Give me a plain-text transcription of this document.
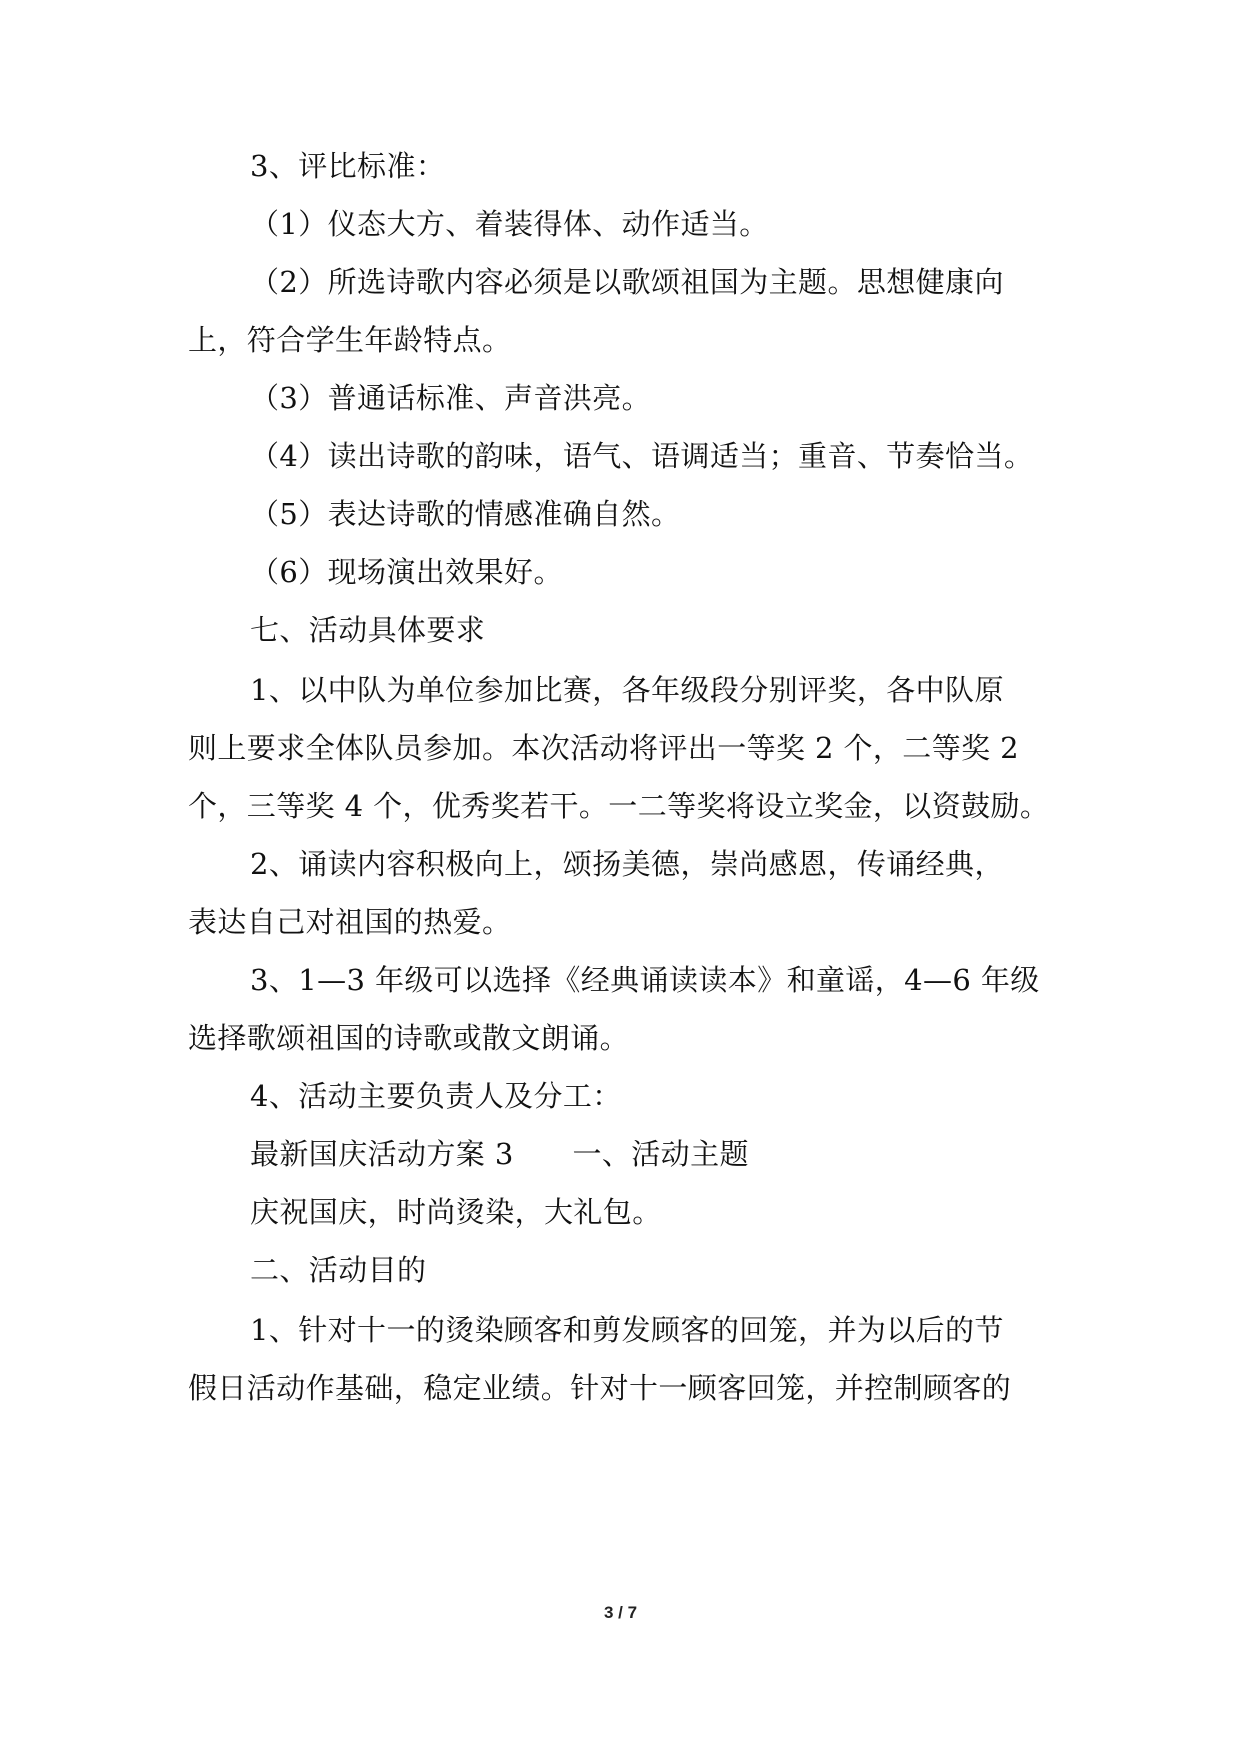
3、评比标准：
（1）仪态大方、着装得体、动作适当。
（2）所选诗歌内容必须是以歌颂祖国为主题。思想健康向
上，符合学生年龄特点。
（3）普通话标准、声音洪亮。
（4）读出诗歌的韵味，语气、语调适当；重音、节奏恰当。
（5）表达诗歌的情感准确自然。
（6）现场演出效果好。
七、活动具体要求
1、以中队为单位参加比赛，各年级段分别评奖，各中队原
则上要求全体队员参加。本次活动将评出一等奖 2 个，二等奖 2
个，三等奖 4 个，优秀奖若干。一二等奖将设立奖金，以资鼓励。
2、诵读内容积极向上，颂扬美德，崇尚感恩，传诵经典，
表达自己对祖国的热爱。
3、1—3 年级可以选择《经典诵读读本》和童谣，4—6 年级
选择歌颂祖国的诗歌或散文朗诵。
4、活动主要负责人及分工：
最新国庆活动方案 3　　一、活动主题
庆祝国庆，时尚烫染，大礼包。
二、活动目的
1、针对十一的烫染顾客和剪发顾客的回笼，并为以后的节
假日活动作基础，稳定业绩。针对十一顾客回笼，并控制顾客的
3 / 7
